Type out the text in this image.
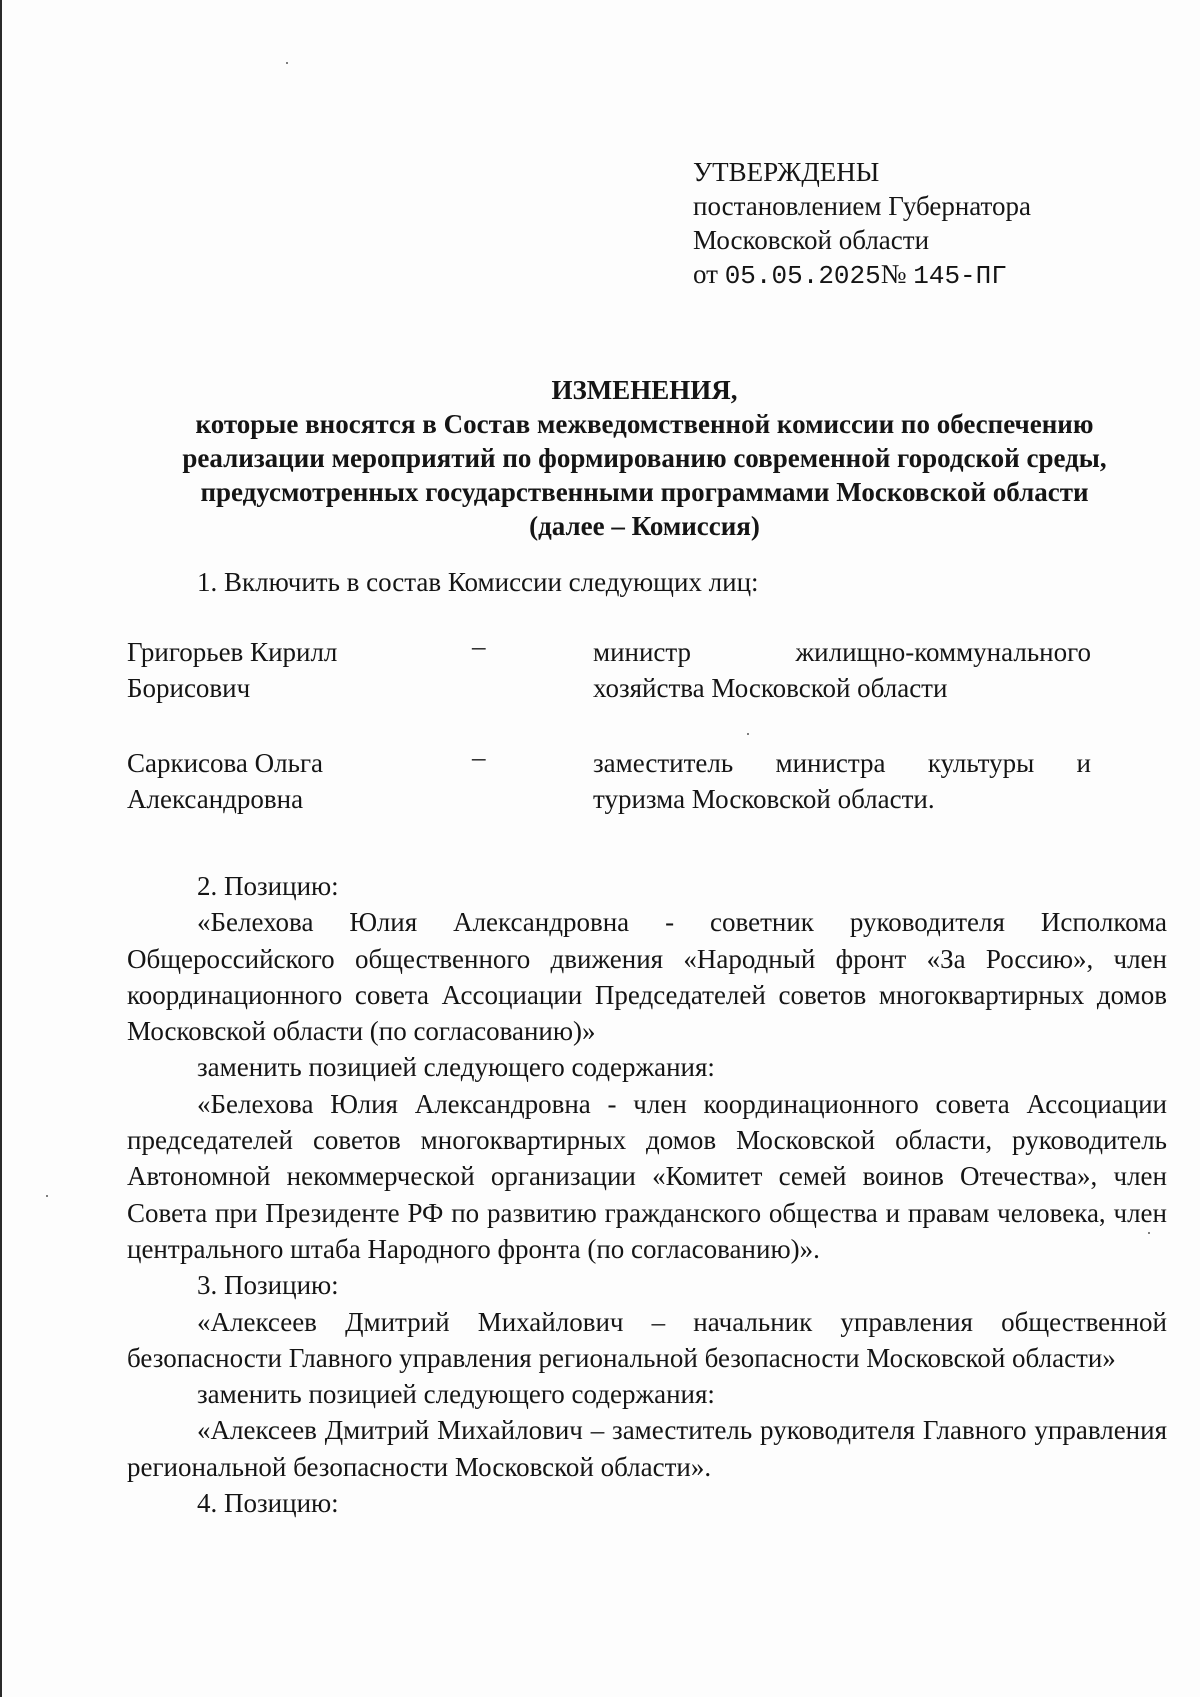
УТВЕРЖДЕНЫ
постановлением Губернатора
Московской области
от 05.05.2025№ 145-ПГ
ИЗМЕНЕНИЯ,
которые вносятся в Состав межведомственной комиссии по обеспечению
реализации мероприятий по формированию современной городской среды,
предусмотренных государственными программами Московской области
(далее – Комиссия)
1. Включить в состав Комиссии следующих лиц:
Григорьев Кирилл
Борисович
–	министр жилищно-коммунального
хозяйства Московской области
Саркисова Ольга
Александровна
–	заместитель министра культуры и
туризма Московской области.

2. Позицию:

«Белехова Юлия Александровна - советник руководителя Исполкома Общероссийского общественного движения «Народный фронт «За Россию», член координационного совета Ассоциации Председателей советов многоквартирных домов Московской области (по согласованию)»

заменить позицией следующего содержания:

«Белехова Юлия Александровна - член координационного совета Ассоциации председателей советов многоквартирных домов Московской области, руководитель Автономной некоммерческой организации «Комитет семей воинов Отечества», член Совета при Президенте РФ по развитию гражданского общества и правам человека, член центрального штаба Народного фронта (по согласованию)».

3. Позицию:

«Алексеев Дмитрий Михайлович – начальник управления общественной безопасности Главного управления региональной безопасности Московской области»

заменить позицией следующего содержания:

«Алексеев Дмитрий Михайлович – заместитель руководителя Главного управления региональной безопасности Московской области».

4. Позицию:
